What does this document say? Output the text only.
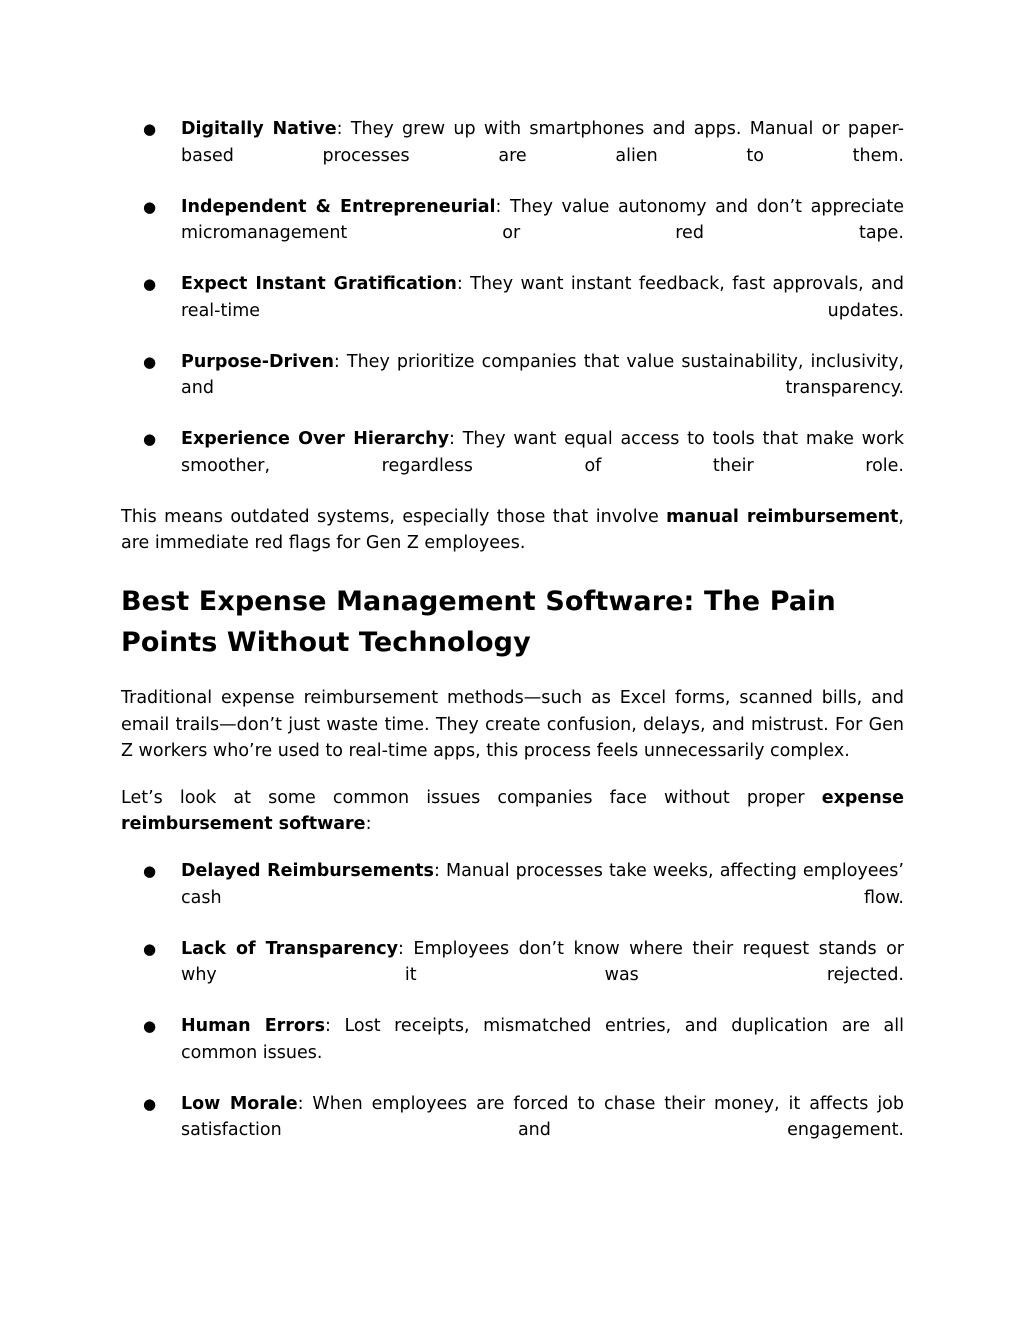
● Digitally Native: They grew up with smartphones and apps. Manual or paper-based processes are alien to them.
● Independent & Entrepreneurial: They value autonomy and don’t appreciate micromanagement or red tape.
● Expect Instant Gratification: They want instant feedback, fast approvals, and real-time updates.
● Purpose-Driven: They prioritize companies that value sustainability, inclusivity, and transparency.
● Experience Over Hierarchy: They want equal access to tools that make work smoother, regardless of their role.

This means outdated systems, especially those that involve manual reimbursement, are immediate red flags for Gen Z employees.

Best Expense Management Software: The Pain Points Without Technology

Traditional expense reimbursement methods—such as Excel forms, scanned bills, and email trails—don’t just waste time. They create confusion, delays, and mistrust. For Gen Z workers who’re used to real-time apps, this process feels unnecessarily complex.

Let’s look at some common issues companies face without proper expense reimbursement software:

● Delayed Reimbursements: Manual processes take weeks, affecting employees’ cash flow.
● Lack of Transparency: Employees don’t know where their request stands or why it was rejected.
● Human Errors: Lost receipts, mismatched entries, and duplication are all common issues.
● Low Morale: When employees are forced to chase their money, it affects job satisfaction and engagement.
